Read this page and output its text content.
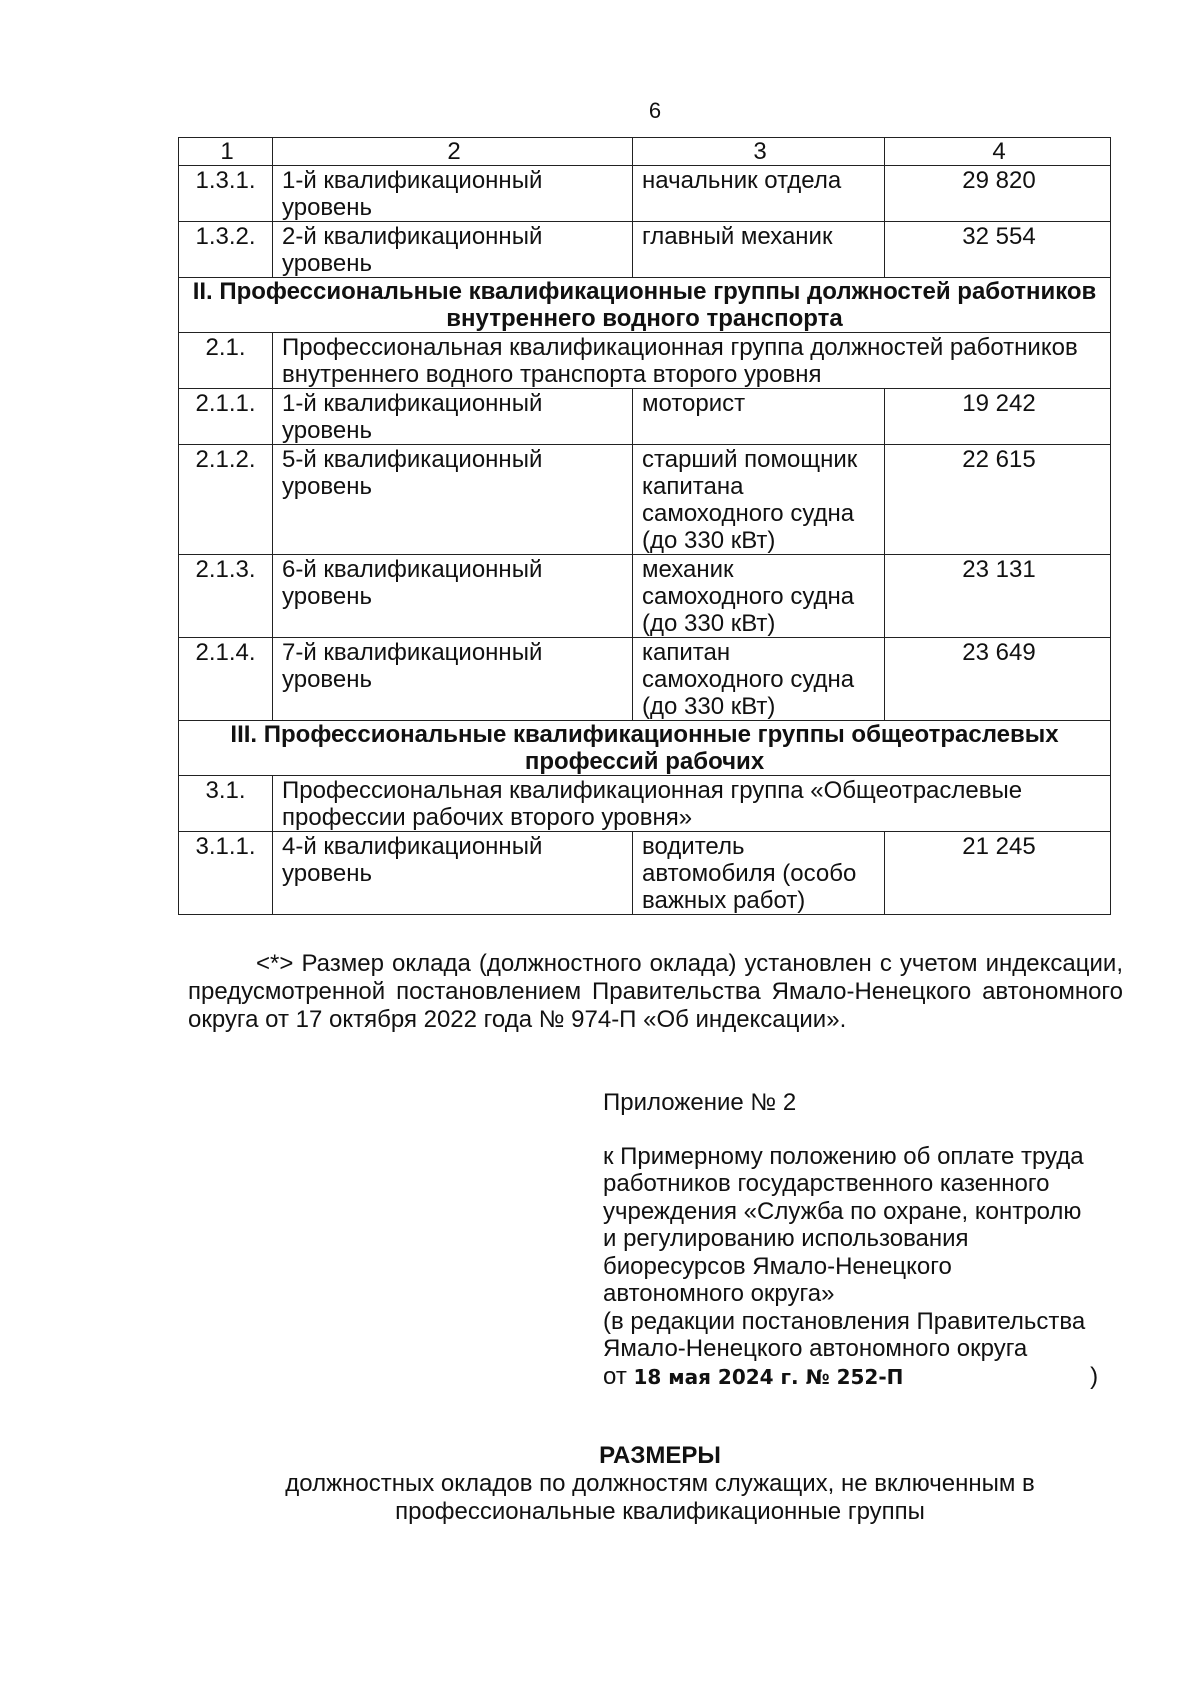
6
1	2	3	4
1.3.1.	1-й квалификационный уровень	начальник отдела	29 820
1.3.2.	2-й квалификационный уровень	главный механик	32 554
II. Профессиональные квалификационные группы должностей работников внутреннего водного транспорта			
2.1.	Профессиональная квалификационная группа должностей работников внутреннего водного транспорта второго уровня		
2.1.1.	1-й квалификационный уровень	моторист	19 242
2.1.2.	5-й квалификационный уровень	старший помощник капитана самоходного судна (до 330 кВт)	22 615
2.1.3.	6-й квалификационный уровень	механик самоходного судна (до 330 кВт)	23 131
2.1.4.	7-й квалификационный уровень	капитан самоходного судна (до 330 кВт)	23 649
III. Профессиональные квалификационные группы общеотраслевых профессий рабочих			
3.1.	Профессиональная квалификационная группа «Общеотраслевые профессии рабочих второго уровня»		
3.1.1.	4-й квалификационный уровень	водитель автомобиля (особо важных работ)	21 245
<*> Размер оклада (должностного оклада) установлен с учетом индексации, предусмотренной постановлением Правительства Ямало-Ненецкого автономного округа от 17 октября 2022 года № 974-П «Об индексации».
Приложение № 2
к Примерному положению об оплате труда
работников государственного казенного
учреждения «Служба по охране, контролю
и регулированию использования
биоресурсов Ямало-Ненецкого
автономного округа»
(в редакции постановления Правительства
Ямало-Ненецкого автономного округа
от 18 мая 2024 г. № 252-П	)
РАЗМЕРЫ
должностных окладов по должностям служащих, не включенным в
профессиональные квалификационные группы
